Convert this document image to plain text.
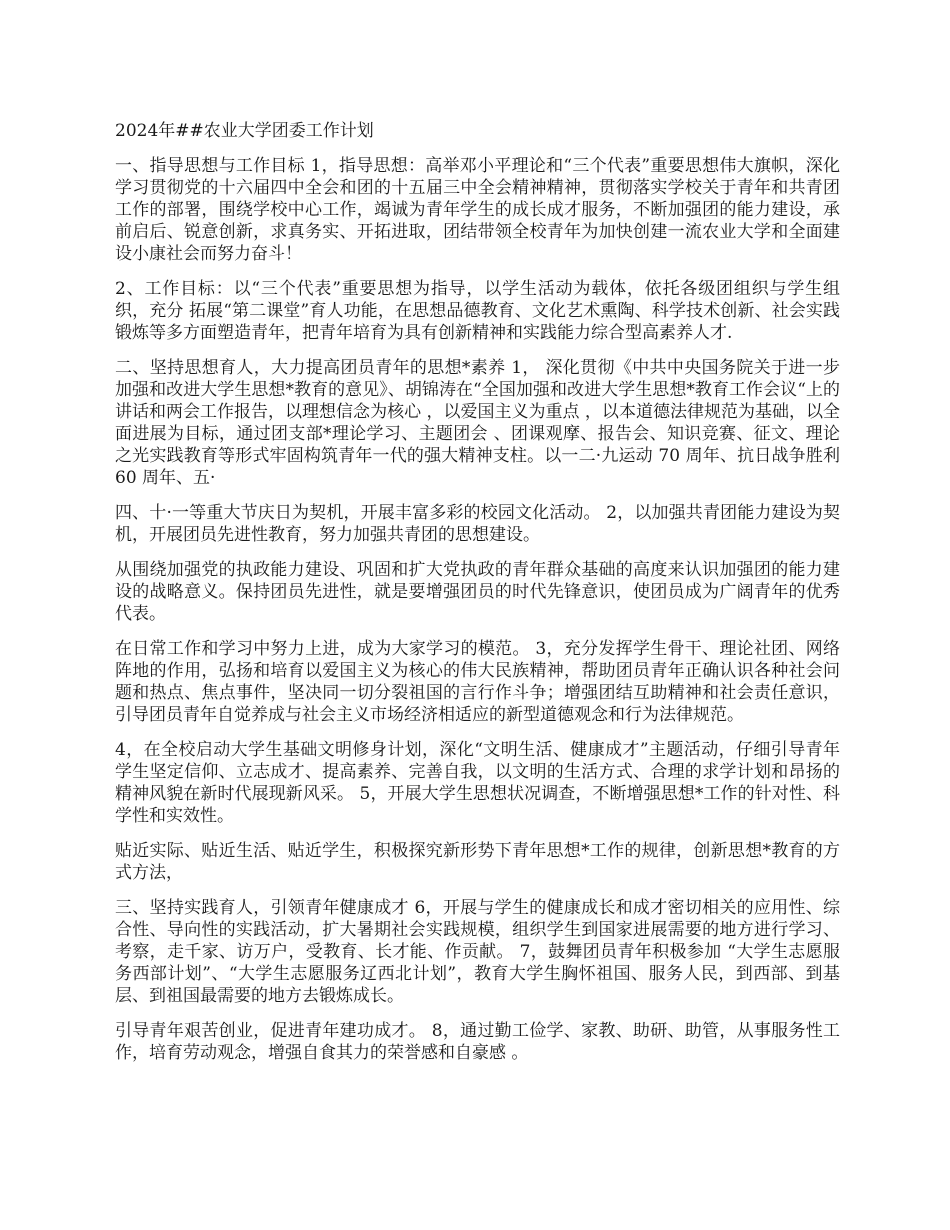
2024年##农业大学团委工作计划

一、指导思想与工作目标 1，指导思想：高举邓小平理论和“三个代表”重要思想伟大旗帜，深化学习贯彻党的十六届四中全会和团的十五届三中全会精神精神，贯彻落实学校关于青年和共青团工作的部署，围绕学校中心工作，竭诚为青年学生的成长成才服务，不断加强团的能力建设，承前启后、锐意创新，求真务实、开拓进取，团结带领全校青年为加快创建一流农业大学和全面建设小康社会而努力奋斗！

2、工作目标：以“三个代表”重要思想为指导，以学生活动为载体，依托各级团组织与学生组织，充分 拓展“第二课堂”育人功能，在思想品德教育、文化艺术熏陶、科学技术创新、社会实践锻炼等多方面塑造青年，把青年培育为具有创新精神和实践能力综合型高素养人才.

二、坚持思想育人，大力提高团员青年的思想*素养 1， 深化贯彻《中共中央国务院关于进一步加强和改进大学生思想*教育的意见》、胡锦涛在“全国加强和改进大学生思想*教育工作会议“上的讲话和两会工作报告，以理想信念为核心 ，以爱国主义为重点 ，以本道德法律规范为基础，以全面进展为目标，通过团支部*理论学习、主题团会 、团课观摩、报告会、知识竞赛、征文、理论之光实践教育等形式牢固构筑青年一代的强大精神支柱。以一二·九运动 70 周年、抗日战争胜利 60 周年、五·

四、十·一等重大节庆日为契机，开展丰富多彩的校园文化活动。 2，以加强共青团能力建设为契机，开展团员先进性教育，努力加强共青团的思想建设。

从围绕加强党的执政能力建设、巩固和扩大党执政的青年群众基础的高度来认识加强团的能力建设的战略意义。保持团员先进性，就是要增强团员的时代先锋意识，使团员成为广阔青年的优秀代表。

在日常工作和学习中努力上进，成为大家学习的模范。 3，充分发挥学生骨干、理论社团、网络阵地的作用，弘扬和培育以爱国主义为核心的伟大民族精神，帮助团员青年正确认识各种社会问题和热点、焦点事件，坚决同一切分裂祖国的言行作斗争；增强团结互助精神和社会责任意识，引导团员青年自觉养成与社会主义市场经济相适应的新型道德观念和行为法律规范。

4，在全校启动大学生基础文明修身计划，深化“文明生活、健康成才”主题活动，仔细引导青年学生坚定信仰、立志成才、提高素养、完善自我，以文明的生活方式、合理的求学计划和昂扬的精神风貌在新时代展现新风采。 5，开展大学生思想状况调查，不断增强思想*工作的针对性、科学性和实效性。

贴近实际、贴近生活、贴近学生，积极探究新形势下青年思想*工作的规律，创新思想*教育的方式方法，

三、坚持实践育人，引领青年健康成才 6，开展与学生的健康成长和成才密切相关的应用性、综合性、导向性的实践活动，扩大暑期社会实践规模，组织学生到国家进展需要的地方进行学习、考察，走千家、访万户，受教育、长才能、作贡献。 7，鼓舞团员青年积极参加 “大学生志愿服务西部计划”、“大学生志愿服务辽西北计划”，教育大学生胸怀祖国、服务人民，到西部、到基层、到祖国最需要的地方去锻炼成长。

引导青年艰苦创业，促进青年建功成才。 8，通过勤工俭学、家教、助研、助管，从事服务性工作，培育劳动观念，增强自食其力的荣誉感和自豪感 。
